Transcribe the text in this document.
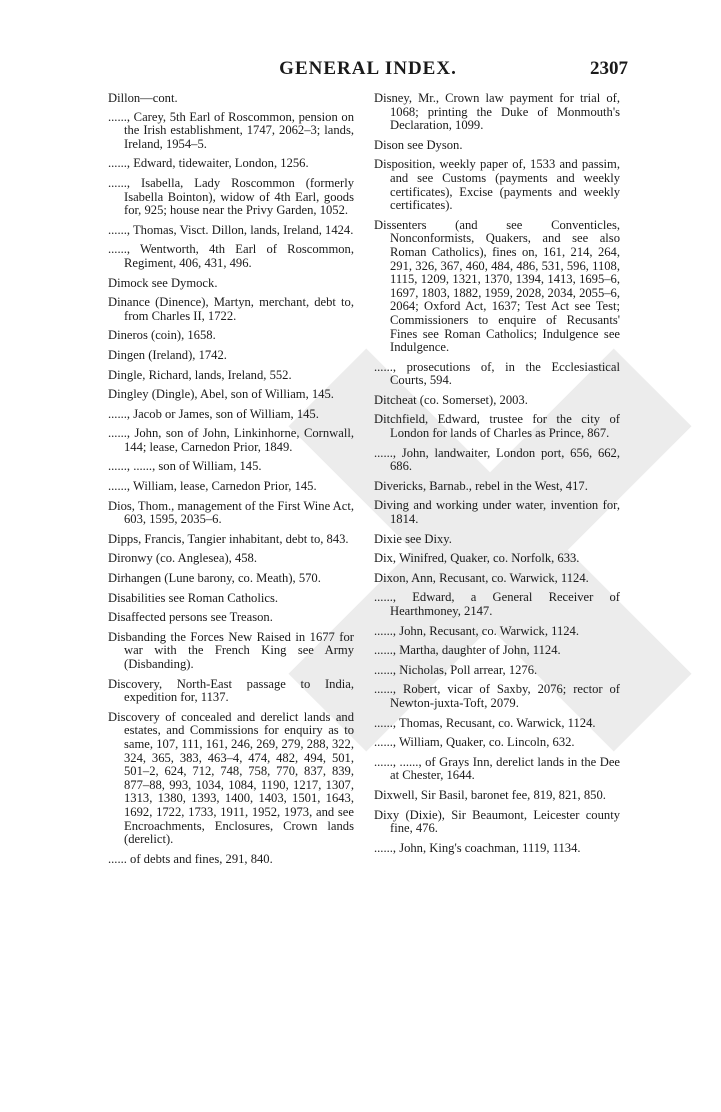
GENERAL INDEX.	2307
Dillon—cont.
......, Carey, 5th Earl of Roscommon, pension on the Irish establishment, 1747, 2062–3; lands, Ireland, 1954–5.
......, Edward, tidewaiter, London, 1256.
......, Isabella, Lady Roscommon (formerly Isabella Bointon), widow of 4th Earl, goods for, 925; house near the Privy Garden, 1052.
......, Thomas, Visct. Dillon, lands, Ireland, 1424.
......, Wentworth, 4th Earl of Roscommon, Regiment, 406, 431, 496.
Dimock see Dymock.
Dinance (Dinence), Martyn, merchant, debt to, from Charles II, 1722.
Dineros (coin), 1658.
Dingen (Ireland), 1742.
Dingle, Richard, lands, Ireland, 552.
Dingley (Dingle), Abel, son of William, 145.
......, Jacob or James, son of William, 145.
......, John, son of John, Linkinhorne, Cornwall, 144; lease, Carnedon Prior, 1849.
......, ......, son of William, 145.
......, William, lease, Carnedon Prior, 145.
Dios, Thom., management of the First Wine Act, 603, 1595, 2035–6.
Dipps, Francis, Tangier inhabitant, debt to, 843.
Dironwy (co. Anglesea), 458.
Dirhangen (Lune barony, co. Meath), 570.
Disabilities see Roman Catholics.
Disaffected persons see Treason.
Disbanding the Forces New Raised in 1677 for war with the French King see Army (Disbanding).
Discovery, North-East passage to India, expedition for, 1137.
Discovery of concealed and derelict lands and estates, and Commissions for enquiry as to same, 107, 111, 161, 246, 269, 279, 288, 322, 324, 365, 383, 463–4, 474, 482, 494, 501, 501–2, 624, 712, 748, 758, 770, 837, 839, 877–88, 993, 1034, 1084, 1190, 1217, 1307, 1313, 1380, 1393, 1400, 1403, 1501, 1643, 1692, 1722, 1733, 1911, 1952, 1973, and see Encroachments, Enclosures, Crown lands (derelict).
...... of debts and fines, 291, 840.
Disney, Mr., Crown law payment for trial of, 1068; printing the Duke of Monmouth's Declaration, 1099.
Dison see Dyson.
Disposition, weekly paper of, 1533 and passim, and see Customs (payments and weekly certificates), Excise (payments and weekly certificates).
Dissenters (and see Conventicles, Nonconformists, Quakers, and see also Roman Catholics), fines on, 161, 214, 264, 291, 326, 367, 460, 484, 486, 531, 596, 1108, 1115, 1209, 1321, 1370, 1394, 1413, 1695–6, 1697, 1803, 1882, 1959, 2028, 2034, 2055–6, 2064; Oxford Act, 1637; Test Act see Test; Commissioners to enquire of Recusants' Fines see Roman Catholics; Indulgence see Indulgence.
......, prosecutions of, in the Ecclesiastical Courts, 594.
Ditcheat (co. Somerset), 2003.
Ditchfield, Edward, trustee for the city of London for lands of Charles as Prince, 867.
......, John, landwaiter, London port, 656, 662, 686.
Divericks, Barnab., rebel in the West, 417.
Diving and working under water, invention for, 1814.
Dixie see Dixy.
Dix, Winifred, Quaker, co. Norfolk, 633.
Dixon, Ann, Recusant, co. Warwick, 1124.
......, Edward, a General Receiver of Hearthmoney, 2147.
......, John, Recusant, co. Warwick, 1124.
......, Martha, daughter of John, 1124.
......, Nicholas, Poll arrear, 1276.
......, Robert, vicar of Saxby, 2076; rector of Newton-juxta-Toft, 2079.
......, Thomas, Recusant, co. Warwick, 1124.
......, William, Quaker, co. Lincoln, 632.
......, ......, of Grays Inn, derelict lands in the Dee at Chester, 1644.
Dixwell, Sir Basil, baronet fee, 819, 821, 850.
Dixy (Dixie), Sir Beaumont, Leicester county fine, 476.
......, John, King's coachman, 1119, 1134.
